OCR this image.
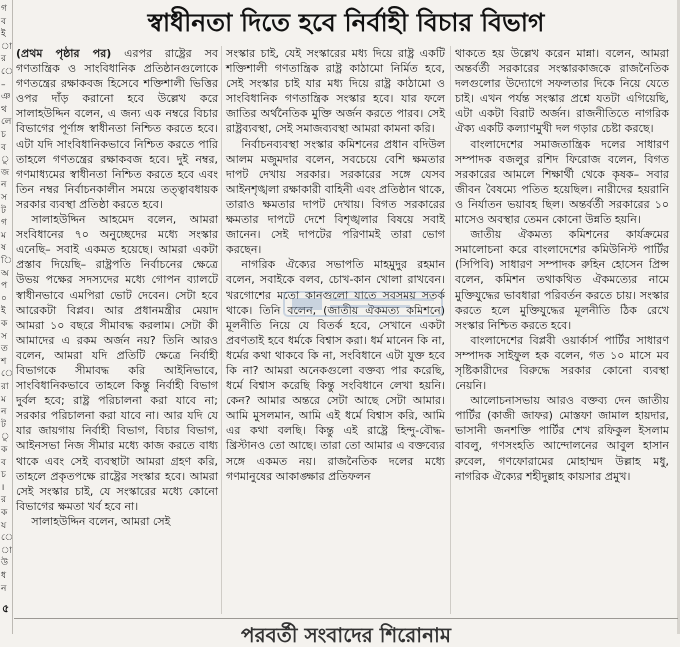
গ
ব
ই
া
র
ে
–
ঞ
থ
লে
চ
ব
ু
জ
ন
স
ট
গ
ম
ষ
ি
অ
প
০
ই
ক
স
ত
শ
ে
রা
ম
ন
ট
ু
ক
ব
চ
।
র
ক
য
ে
া
উ
ধ
ন
স্বাধীনতা দিতে হবে নির্বাহী বিচার বিভাগ

(প্রথম পৃষ্ঠার পর) এরপর রাষ্ট্রের সব গণতান্ত্রিক ও সাংবিধানিক প্রতিষ্ঠানগুলোকে গণতন্ত্রের রক্ষাকবজ হিসেবে শক্তিশালী ভিত্তির ওপর দাঁড় করানো হবে উল্লেখ করে সালাহউদ্দিন বলেন, এ জন্য এক নম্বরে বিচার বিভাগের পূর্ণাঙ্গ স্বাধীনতা নিশ্চিত করতে হবে। এটা যদি সাংবিধানিকভাবে নিশ্চিত করতে পারি তাহলে গণতন্ত্রের রক্ষাকবজ হবে। দুই নম্বর, গণমাধ্যমের স্বাধীনতা নিশ্চিত করতে হবে এবং তিন নম্বর নির্বাচনকালীন সময়ে তত্ত্বাবধায়ক সরকার ব্যবস্থা প্রতিষ্ঠা করতে হবে।

সালাহউদ্দিন আহমেদ বলেন, আমরা সংবিধানের ৭০ অনুচ্ছেদের মধ্যে সংস্কার এনেছি– সবাই একমত হয়েছে। আমরা একটা প্রস্তাব দিয়েছি– রাষ্ট্রপতি নির্বাচনের ক্ষেত্রে উভয় পক্ষের সদস্যদের মধ্যে গোপন ব্যালটে স্বাধীনভাবে এমপিরা ভোট দেবেন। সেটা হবে আরেকটা বিপ্লব। আর প্রধানমন্ত্রীর মেয়াদ আমরা ১০ বছরে সীমাবদ্ধ করলাম। সেটা কী আমাদের এ রকম অর্জন নয়? তিনি আরও বলেন, আমরা যদি প্রতিটি ক্ষেত্রে নির্বাহী বিভাগকে সীমাবদ্ধ করি আইনিভাবে, সাংবিধানিকভাবে তাহলে কিন্তু নির্বাহী বিভাগ দুর্বল হবে; রাষ্ট্র পরিচালনা করা যাবে না; সরকার পরিচালনা করা যাবে না। আর যদি যে যার জায়গায় নির্বাহী বিভাগ, বিচার বিভাগ, আইনসভা নিজ সীমার মধ্যে কাজ করতে বাধ্য থাকে এবং সেই ব্যবস্থাটা আমরা গ্রহণ করি, তাহলে প্রকৃতপক্ষে রাষ্ট্রের সংস্কার হবে। আমরা সেই সংস্কার চাই, যে সংস্কারের মধ্যে কোনো বিভাগের ক্ষমতা খর্ব হবে না।

সালাহউদ্দিন বলেন, আমরা সেই

সংস্কার চাই, যেই সংস্কারের মধ্য দিয়ে রাষ্ট্র একটি শক্তিশালী গণতান্ত্রিক রাষ্ট্র কাঠামো নির্মিত হবে, সেই সংস্কার চাই যার মধ্য দিয়ে রাষ্ট্র কাঠামো ও সাংবিধানিক গণতান্ত্রিক সংস্কার হবে। যার ফলে জাতির অর্থনৈতিক মুক্তি অর্জন করতে পারব। সেই রাষ্ট্রব্যবস্থা, সেই সমাজব্যবস্থা আমরা কামনা করি।

নির্বাচনব্যবস্থা সংস্কার কমিশনের প্রধান বদিউল আলম মজুমদার বলেন, সবচেয়ে বেশি ক্ষমতার দাপট দেখায় সরকার। সরকারের সঙ্গে যেসব আইনশৃঙ্খলা রক্ষাকারী বাহিনী এবং প্রতিষ্ঠান থাকে, তারাও ক্ষমতার দাপট দেখায়। বিগত সরকারের ক্ষমতার দাপটে দেশে বিশৃঙ্খলার বিষয়ে সবাই জানেন। সেই দাপটের পরিণামই তারা ভোগ করছেন।

নাগরিক ঐক্যের সভাপতি মাহমুদুর রহমান বলেন, সবাইকে বলব, চোখ-কান খোলা রাখবেন। খরগোশের মতো কানগুলো যাতে সবসময় সতর্ক থাকে। তিনি বলেন, (জাতীয় ঐকমত্য কমিশনে) মূলনীতি নিয়ে যে বিতর্ক হবে, সেখানে একটা প্রবণতাই হবে ধর্মকে বিশ্বাস করা। ধর্ম মানেন কি না, ধর্মের কথা থাকবে কি না, সংবিধানে এটা যুক্ত হবে কি না? আমরা অনেকগুলো বক্তব্য পার করেছি, ধর্মে বিশ্বাস করেছি কিন্তু সংবিধানে লেখা হয়নি। কেন? আমার অন্তরে সেটা আছে সেটা আমার। আমি মুসলমান, আমি এই ধর্মে বিশ্বাস করি, আমি এর কথা বলছি। কিন্তু এই রাষ্ট্রে হিন্দু-বৌদ্ধ-খ্রিস্টানও তো আছে। তারা তো আমার এ বক্তব্যের সঙ্গে একমত নয়। রাজনৈতিক দলের মধ্যে গণমানুষের আকাঙ্ক্ষার প্রতিফলন

থাকতে হয় উল্লেখ করেন মান্না। বলেন, আমরা অন্তর্বর্তী সরকারের সংস্কারকাজকে রাজনৈতিক দলগুলোর উদ্যোগে সফলতার দিকে নিয়ে যেতে চাই। এখন পর্যন্ত সংস্কার প্রশ্নে যতটা এগিয়েছি, এটা একটা বিরাট অর্জন। রাজনীতিতে নাগরিক ঐক্য একটি কল্যাণমুখী দল গড়ার চেষ্টা করছে।

বাংলাদেশের সমাজতান্ত্রিক দলের সাধারণ সম্পাদক বজলুর রশিদ ফিরোজ বলেন, বিগত সরকারের আমলে শিক্ষার্থী থেকে কৃষক– সবার জীবন বৈষম্যে পতিত হয়েছিল। নারীদের হয়রানি ও নির্যাতন ভয়াবহ ছিল। অন্তর্বর্তী সরকারের ১০ মাসেও অবস্থার তেমন কোনো উন্নতি হয়নি।

জাতীয় ঐকমত্য কমিশনের কার্যক্রমের সমালোচনা করে বাংলাদেশের কমিউনিস্ট পার্টির (সিপিবি) সাধারণ সম্পাদক রুহিন হোসেন প্রিন্স বলেন, কমিশন তথাকথিত ঐকমত্যের নামে মুক্তিযুদ্ধের ভাবধারা পরিবর্তন করতে চায়। সংস্কার করতে হলে মুক্তিযুদ্ধের মূলনীতি ঠিক রেখে সংস্কার নিশ্চিত করতে হবে।

বাংলাদেশের বিপ্লবী ওয়ার্কার্স পার্টির সাধারণ সম্পাদক সাইফুল হক বলেন, গত ১০ মাসে মব সৃষ্টিকারীদের বিরুদ্ধে সরকার কোনো ব্যবস্থা নেয়নি।

আলোচনাসভায় আরও বক্তব্য দেন জাতীয় পার্টির (কাজী জাফর) মোস্তফা জামাল হায়দার, ভাসানী জনশক্তি পার্টির শেখ রফিকুল ইসলাম বাবলু, গণসংহতি আন্দোলনের আবুল হাসান রুবেল, গণফোরামের মোহাম্মদ উল্লাহ মধু, নাগরিক ঐক্যের শহীদুল্লাহ কায়সার প্রমুখ।

৫
পরবর্তী সংবাদের শিরোনাম
